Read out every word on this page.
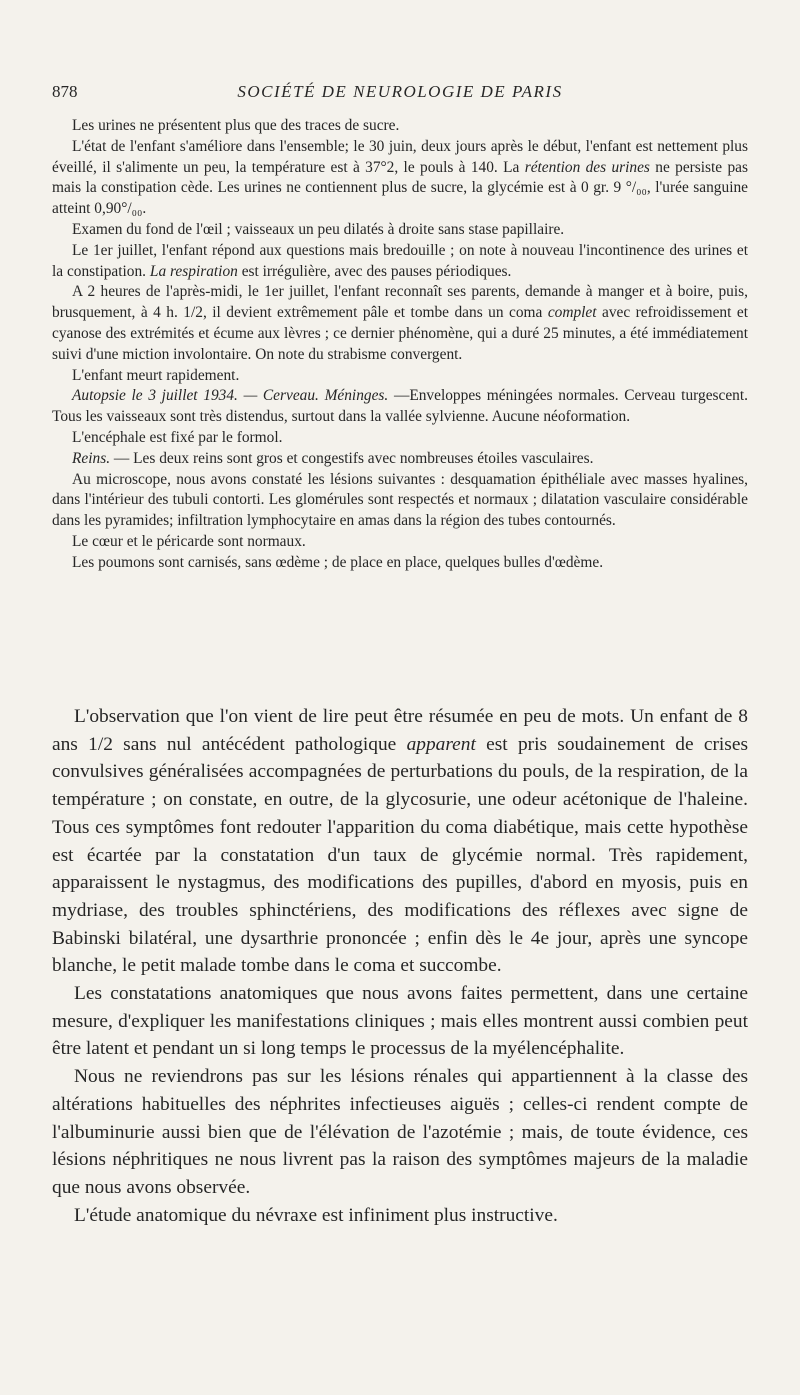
878	SOCIÉTÉ DE NEUROLOGIE DE PARIS

Les urines ne présentent plus que des traces de sucre.

L'état de l'enfant s'améliore dans l'ensemble; le 30 juin, deux jours après le début, l'enfant est nettement plus éveillé, il s'alimente un peu, la température est à 37°2, le pouls à 140. La rétention des urines ne persiste pas mais la constipation cède. Les urines ne contiennent plus de sucre, la glycémie est à 0 gr. 9 °/₀₀, l'urée sanguine atteint 0,90°/₀₀.

Examen du fond de l'œil ; vaisseaux un peu dilatés à droite sans stase papillaire.

Le 1er juillet, l'enfant répond aux questions mais bredouille ; on note à nouveau l'incontinence des urines et la constipation. La respiration est irrégulière, avec des pauses périodiques.

A 2 heures de l'après-midi, le 1er juillet, l'enfant reconnaît ses parents, demande à manger et à boire, puis, brusquement, à 4 h. 1/2, il devient extrêmement pâle et tombe dans un coma complet avec refroidissement et cyanose des extrémités et écume aux lèvres ; ce dernier phénomène, qui a duré 25 minutes, a été immédiatement suivi d'une miction involontaire. On note du strabisme convergent.

L'enfant meurt rapidement.

Autopsie le 3 juillet 1934. — Cerveau. Méninges. —Enveloppes méningées normales. Cerveau turgescent. Tous les vaisseaux sont très distendus, surtout dans la vallée sylvienne. Aucune néoformation.

L'encéphale est fixé par le formol.

Reins. — Les deux reins sont gros et congestifs avec nombreuses étoiles vasculaires.

Au microscope, nous avons constaté les lésions suivantes : desquamation épithéliale avec masses hyalines, dans l'intérieur des tubuli contorti. Les glomérules sont respectés et normaux ; dilatation vasculaire considérable dans les pyramides; infiltration lymphocytaire en amas dans la région des tubes contournés.

Le cœur et le péricarde sont normaux.

Les poumons sont carnisés, sans œdème ; de place en place, quelques bulles d'œdème.

L'observation que l'on vient de lire peut être résumée en peu de mots. Un enfant de 8 ans 1/2 sans nul antécédent pathologique apparent est pris soudainement de crises convulsives généralisées accompagnées de perturbations du pouls, de la respiration, de la température ; on constate, en outre, de la glycosurie, une odeur acétonique de l'haleine. Tous ces symptômes font redouter l'apparition du coma diabétique, mais cette hypothèse est écartée par la constatation d'un taux de glycémie normal. Très rapidement, apparaissent le nystagmus, des modifications des pupilles, d'abord en myosis, puis en mydriase, des troubles sphinctériens, des modifications des réflexes avec signe de Babinski bilatéral, une dysarthrie prononcée ; enfin dès le 4e jour, après une syncope blanche, le petit malade tombe dans le coma et succombe.

Les constatations anatomiques que nous avons faites permettent, dans une certaine mesure, d'expliquer les manifestations cliniques ; mais elles montrent aussi combien peut être latent et pendant un si long temps le processus de la myélencéphalite.

Nous ne reviendrons pas sur les lésions rénales qui appartiennent à la classe des altérations habituelles des néphrites infectieuses aiguës ; celles-ci rendent compte de l'albuminurie aussi bien que de l'élévation de l'azotémie ; mais, de toute évidence, ces lésions néphritiques ne nous livrent pas la raison des symptômes majeurs de la maladie que nous avons observée.

L'étude anatomique du névraxe est infiniment plus instructive.
